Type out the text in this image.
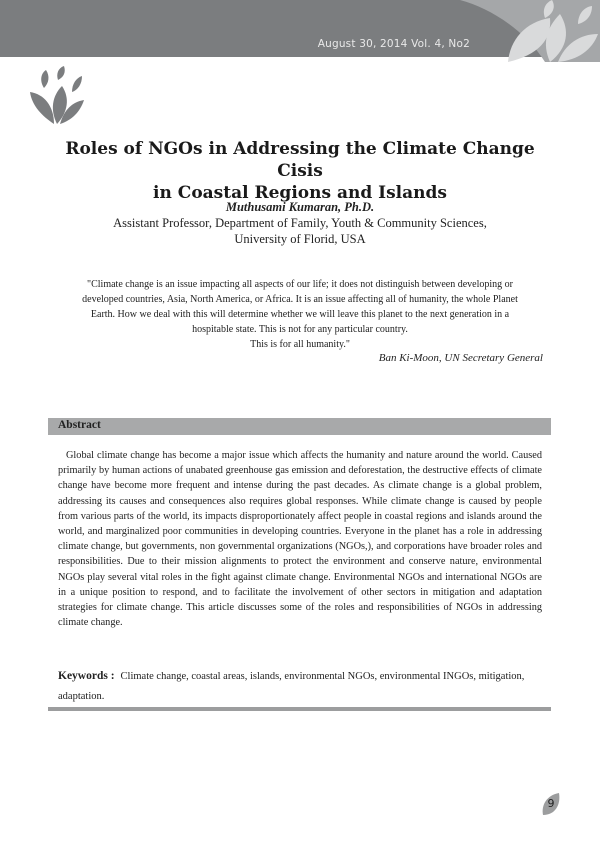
August 30, 2014 Vol. 4, No2
Roles of NGOs in Addressing the Climate Change Cisis
in Coastal Regions and Islands
Muthusami Kumaran, Ph.D.
Assistant Professor, Department of Family, Youth & Community Sciences,
University of Florid, USA

"Climate change is an issue impacting all aspects of our life; it does not distinguish between developing or

developed countries, Asia, North America, or Africa. It is an issue affecting all of humanity, the whole Planet

Earth. How we deal with this will determine whether we will leave this planet to the next generation in a

hospitable state. This is not for any particular country.

This is for all humanity."

Ban Ki-Moon, UN Secretary General
Abstract

Global climate change has become a major issue which affects the humanity and nature around the world. Caused primarily by human actions of unabated greenhouse gas emission and deforestation, the destructive effects of climate change have become more frequent and intense during the past decades. As climate change is a global problem, addressing its causes and consequences also requires global responses. While climate change is caused by people from various parts of the world, its impacts disproportionately affect people in coastal regions and islands around the world, and marginalized poor communities in developing countries. Everyone in the planet has a role in addressing climate change, but governments, non governmental organizations (NGOs,), and corporations have broader roles and responsibilities. Due to their mission alignments to protect the environment and conserve nature, environmental NGOs play several vital roles in the fight against climate change. Environmental NGOs and international NGOs are in a unique position to respond, and to facilitate the involvement of other sectors in mitigation and adaptation strategies for climate change. This article discusses some of the roles and responsibilities of NGOs in addressing climate change.

Keywords : Climate change, coastal areas, islands, environmental NGOs, environmental INGOs, mitigation, adaptation.

9
